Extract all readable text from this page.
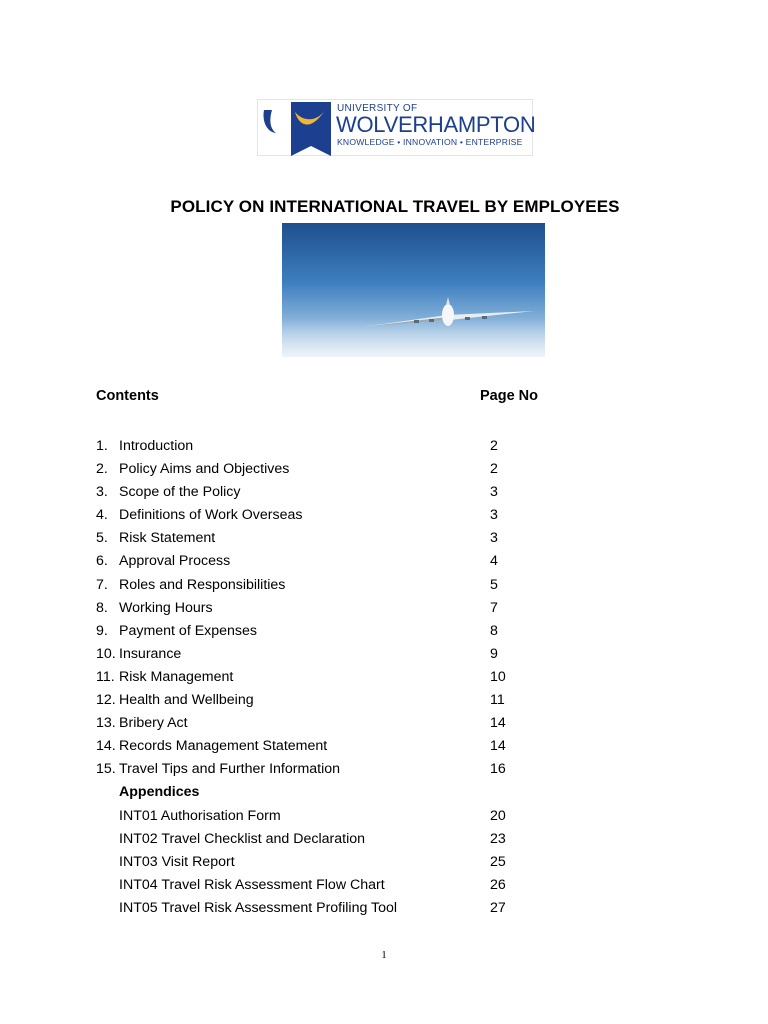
UNIVERSITY OF
WOLVERHAMPTON
KNOWLEDGE • INNOVATION • ENTERPRISE
POLICY ON INTERNATIONAL TRAVEL BY EMPLOYEES
Contents	Page No
1. Introduction	2
2. Policy Aims and Objectives	2
3. Scope of the Policy	3
4. Definitions of Work Overseas	3
5. Risk Statement	3
6. Approval Process	4
7. Roles and Responsibilities	5
8. Working Hours	7
9. Payment of Expenses	8
10. Insurance	9
11. Risk Management	10
12. Health and Wellbeing	11
13. Bribery Act	14
14. Records Management Statement	14
15. Travel Tips and Further Information	16
Appendices
INT01 Authorisation Form	20
INT02 Travel Checklist and Declaration	23
INT03 Visit Report	25
INT04 Travel Risk Assessment Flow Chart	26
INT05 Travel Risk Assessment Profiling Tool	27
1
